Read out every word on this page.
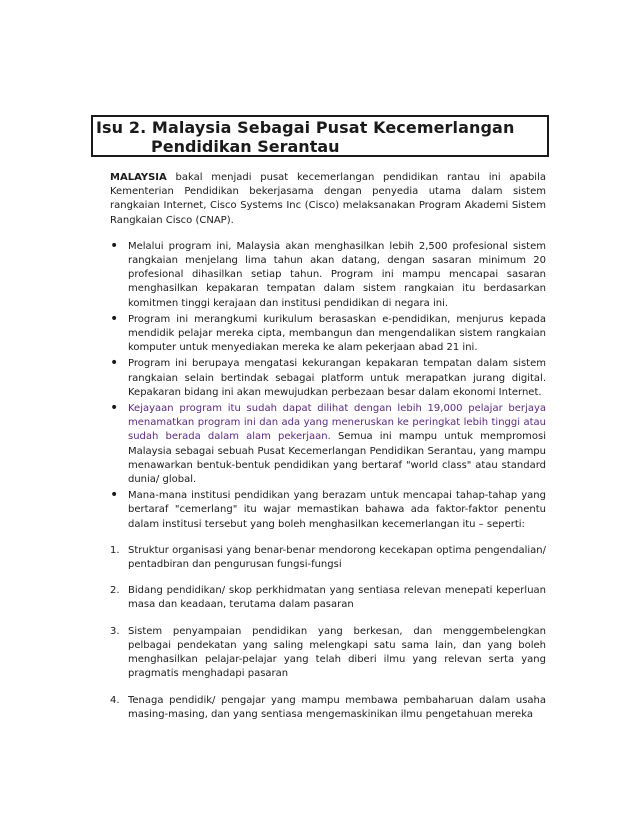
Isu 2. Malaysia Sebagai Pusat Kecemerlangan
Pendidikan Serantau

MALAYSIA bakal menjadi pusat kecemerlangan pendidikan rantau ini apabila Kementerian Pendidikan bekerjasama dengan penyedia utama dalam sistem rangkaian Internet, Cisco Systems Inc (Cisco) melaksanakan Program Akademi Sistem Rangkaian Cisco (CNAP).

• Melalui program ini, Malaysia akan menghasilkan lebih 2,500 profesional sistem rangkaian menjelang lima tahun akan datang, dengan sasaran minimum 20 profesional dihasilkan setiap tahun. Program ini mampu mencapai sasaran menghasilkan kepakaran tempatan dalam sistem rangkaian itu berdasarkan komitmen tinggi kerajaan dan institusi pendidikan di negara ini.
• Program ini merangkumi kurikulum berasaskan e-pendidikan, menjurus kepada mendidik pelajar mereka cipta, membangun dan mengendalikan sistem rangkaian komputer untuk menyediakan mereka ke alam pekerjaan abad 21 ini.
• Program ini berupaya mengatasi kekurangan kepakaran tempatan dalam sistem rangkaian selain bertindak sebagai platform untuk merapatkan jurang digital. Kepakaran bidang ini akan mewujudkan perbezaan besar dalam ekonomi Internet.
• Kejayaan program itu sudah dapat dilihat dengan lebih 19,000 pelajar berjaya menamatkan program ini dan ada yang meneruskan ke peringkat lebih tinggi atau sudah berada dalam alam pekerjaan. Semua ini mampu untuk mempromosi Malaysia sebagai sebuah Pusat Kecemerlangan Pendidikan Serantau, yang mampu menawarkan bentuk-bentuk pendidikan yang bertaraf "world class" atau standard dunia/ global.
• Mana-mana institusi pendidikan yang berazam untuk mencapai tahap-tahap yang bertaraf "cemerlang" itu wajar memastikan bahawa ada faktor-faktor penentu dalam institusi tersebut yang boleh menghasilkan kecemerlangan itu – seperti:
1. Struktur organisasi yang benar-benar mendorong kecekapan optima pengendalian/ pentadbiran dan pengurusan fungsi-fungsi
2. Bidang pendidikan/ skop perkhidmatan yang sentiasa relevan menepati keperluan masa dan keadaan, terutama dalam pasaran
3. Sistem penyampaian pendidikan yang berkesan, dan menggembelengkan pelbagai pendekatan yang saling melengkapi satu sama lain, dan yang boleh menghasilkan pelajar-pelajar yang telah diberi ilmu yang relevan serta yang pragmatis menghadapi pasaran
4. Tenaga pendidik/ pengajar yang mampu membawa pembaharuan dalam usaha masing-masing, dan yang sentiasa mengemaskinikan ilmu pengetahuan mereka
